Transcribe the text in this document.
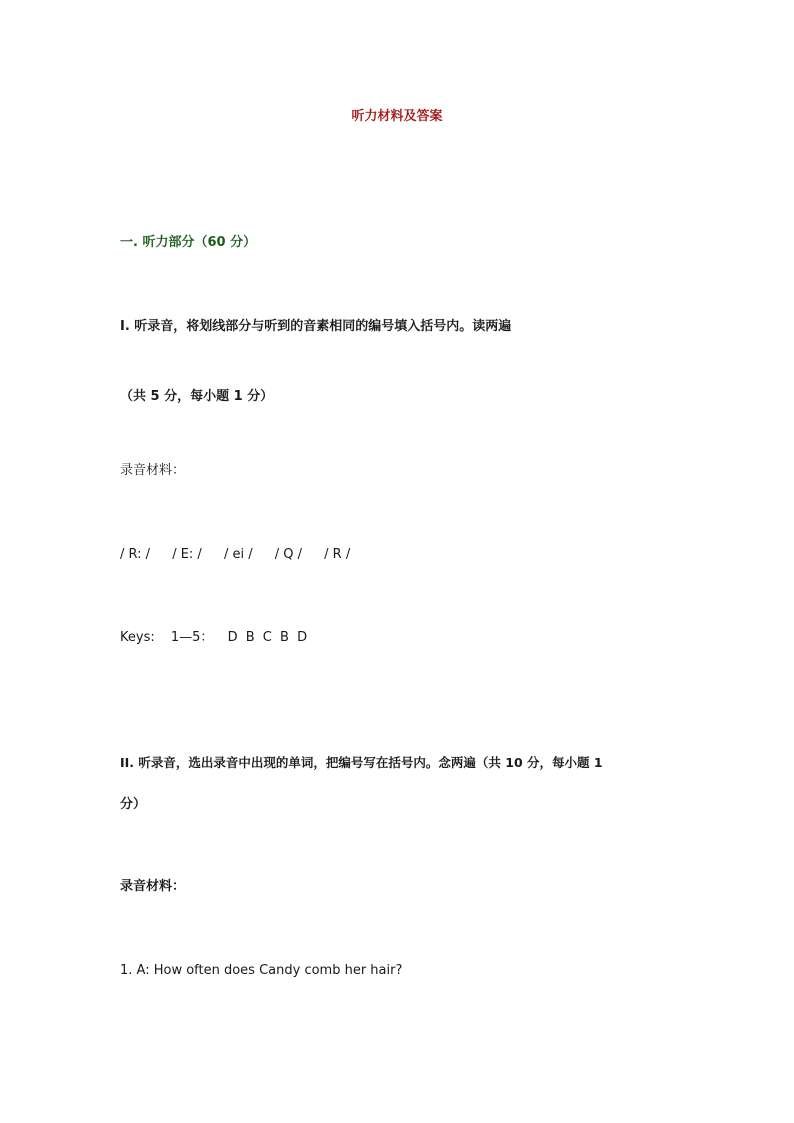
听力材料及答案
一. 听力部分（60 分）
I. 听录音，将划线部分与听到的音素相同的编号填入括号内。读两遍
（共 5 分，每小题 1 分）
录音材料：
/ R: / / E: / / ei / / Q / / R /
Keys: 1—5： D B C B D
II. 听录音，选出录音中出现的单词，把编号写在括号内。念两遍（共 10 分，每小题 1
分）
录音材料：
1. A: How often does Candy comb her hair?
